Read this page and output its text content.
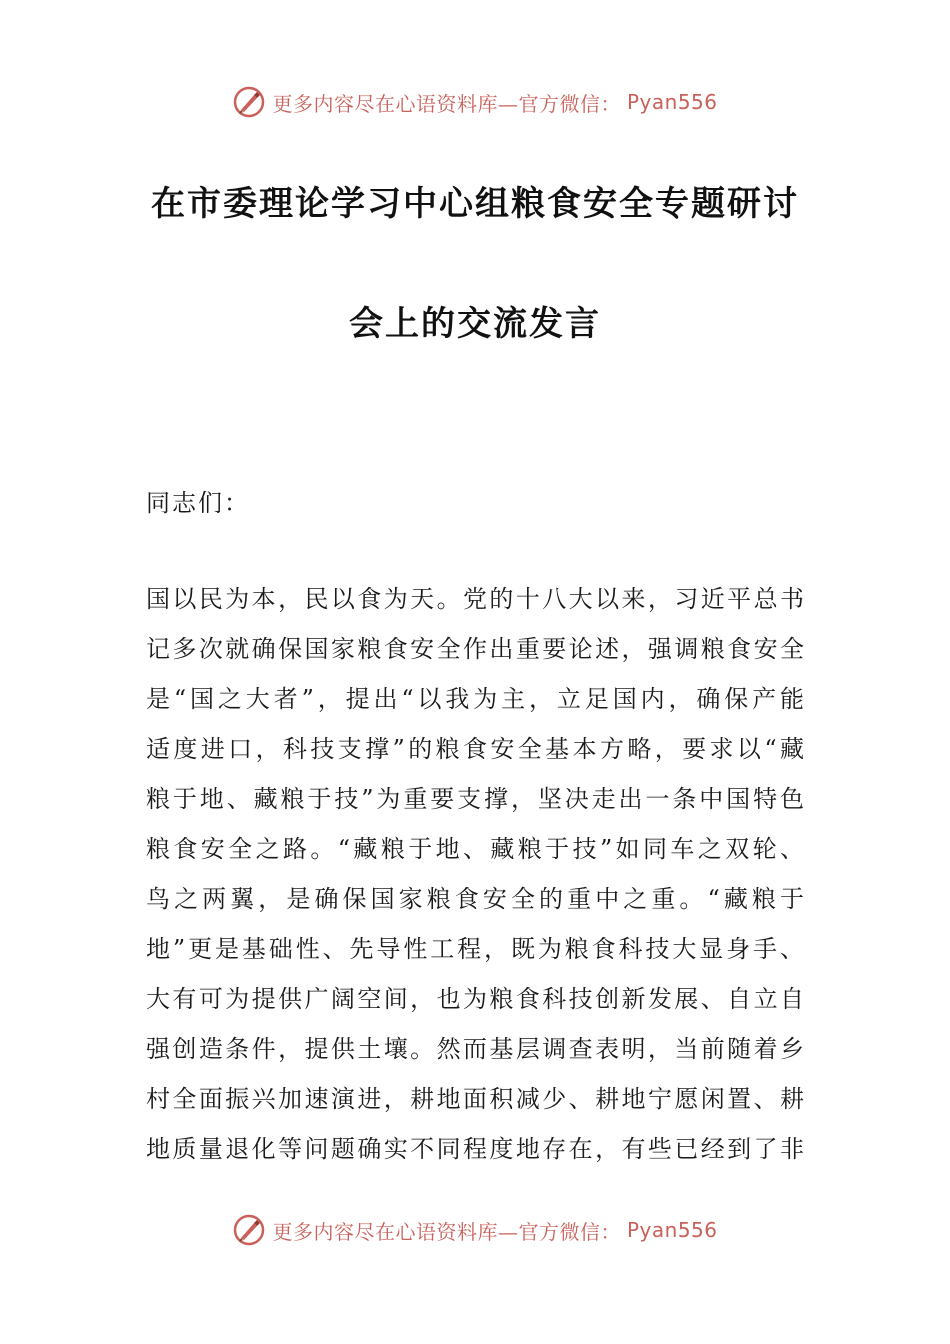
更多内容尽在心语资料库—官方微信： Pyan556
在市委理论学习中心组粮食安全专题研讨
会上的交流发言
同志们：
国以民为本，民以食为天。党的十八大以来，习近平总书
记多次就确保国家粮食安全作出重要论述，强调粮食安全
是“国之大者”，提出“以我为主，立足国内，确保产能
适度进口，科技支撑”的粮食安全基本方略，要求以“藏
粮于地、藏粮于技”为重要支撑，坚决走出一条中国特色
粮食安全之路。“藏粮于地、藏粮于技”如同车之双轮、
鸟之两翼，是确保国家粮食安全的重中之重。“藏粮于
地”更是基础性、先导性工程，既为粮食科技大显身手、
大有可为提供广阔空间，也为粮食科技创新发展、自立自
强创造条件，提供土壤。然而基层调查表明，当前随着乡
村全面振兴加速演进，耕地面积减少、耕地宁愿闲置、耕
地质量退化等问题确实不同程度地存在，有些已经到了非
更多内容尽在心语资料库—官方微信： Pyan556
